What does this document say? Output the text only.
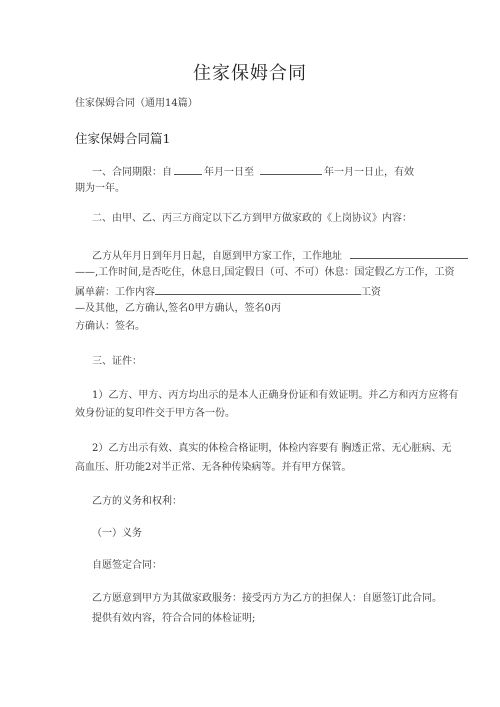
住家保姆合同
住家保姆合同（通用14篇）
住家保姆合同篇1
一、合同期限：自	年月一日至	年一月一日止，有效
期为一年。
二、由甲、乙、丙三方商定以下乙方到甲方做家政的《上岗协议》内容：
乙方从年月日到年月日起，自愿到甲方家工作，工作地址
——,工作时间,是否吃住，休息日,国定假日（可、不可）休息：国定假乙方工作，工资
属单薪：工作内容	工资
—及其他，乙方确认,签名0甲方确认，签名0丙
方确认：签名。
三、证件：
1）乙方、甲方、丙方均出示的是本人正确身份证和有效证明。并乙方和丙方应将有
效身份证的复印件交于甲方各一份。
2）乙方出示有效、真实的体检合格证明，体检内容要有 胸透正常、无心脏病、无
高血压、肝功能2对半正常、无各种传染病等。并有甲方保管。
乙方的义务和权利：
（一）义务
自愿签定合同：
乙方愿意到甲方为其做家政服务：接受丙方为乙方的担保人：自愿签订此合同。
提供有效内容，符合合同的体检证明;
